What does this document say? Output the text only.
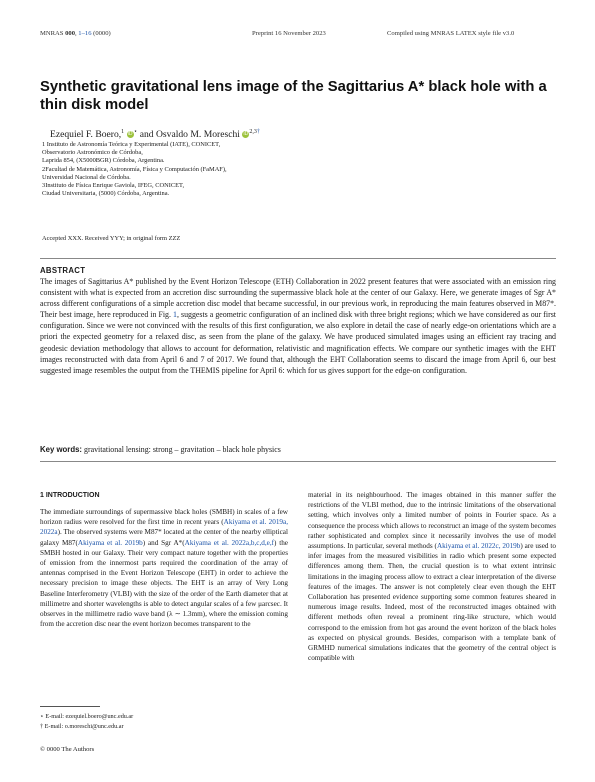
MNRAS 000, 1–16 (0000)	Preprint 16 November 2023	Compiled using MNRAS LATEX style file v3.0
Synthetic gravitational lens image of the Sagittarius A* black hole with a thin disk model
Ezequiel F. Boero,$^1$ iD⋆ and Osvaldo M. Moreschi $iD^{2,3\dagger}$
1 Instituto de Astronomía Teórica y Experimental (IATE), CONICET,
Observatorio Astronómico de Córdoba,
Laprida 854, (X5000BGR) Córdoba, Argentina.
2Facultad de Matemática, Astronomía, Física y Computación (FaMAF),
Universidad Nacional de Córdoba.
3Instituto de Física Enrique Gaviola, IFEG, CONICET,
Ciudad Universitaria, (5000) Córdoba, Argentina.
Accepted XXX. Received YYY; in original form ZZZ
ABSTRACT
The images of Sagittarius A* published by the Event Horizon Telescope (ETH) Collaboration in 2022 present features that were associated with an emission ring consistent with what is expected from an accretion disc surrounding the supermassive black hole at the center of our Galaxy. Here, we generate images of Sgr A* across different configurations of a simple accretion disc model that became successful, in our previous work, in reproducing the main features observed in M87*. Their best image, here reproduced in Fig. 1, suggests a geometric configuration of an inclined disk with three bright regions; which we have considered as our first configuration. Since we were not convinced with the results of this first configuration, we also explore in detail the case of nearly edge-on orientations which are a priori the expected geometry for a relaxed disc, as seen from the plane of the galaxy. We have produced simulated images using an efficient ray tracing and geodesic deviation methodology that allows to account for deformation, relativistic and magnification effects. We compare our synthetic images with the EHT images reconstructed with data from April 6 and 7 of 2017. We found that, although the EHT Collaboration seems to discard the image from April 6, our best suggested image resembles the output from the THEMIS pipeline for April 6: which for us gives support for the edge-on configuration.
Key words: gravitational lensing: strong – gravitation – black hole physics
1 INTRODUCTION

The immediate surroundings of supermassive black holes (SMBH) in scales of a few horizon radius were resolved for the first time in recent years (Akiyama et al. 2019a, 2022a). The observed systems were M87* located at the center of the nearby elliptical galaxy M87(Akiyama et al. 2019b) and Sgr A*(Akiyama et al. 2022a,b,c,d,e,f) the SMBH hosted in our Galaxy. Their very compact nature together with the properties of emission from the innermost parts required the coordination of the array of antennas comprised in the Event Horizon Telescope (EHT) in order to achieve the necessary precision to image these objects. The EHT is an array of Very Long Baseline Interferometry (VLBI) with the size of the order of the Earth diameter that at millimetre and shorter wavelengths is able to detect angular scales of a few μarcsec. It observes in the millimetre radio wave band (λ ∼ 1.3mm), where the emission coming from the accretion disc near the event horizon becomes transparent to the

material in its neighbourhood. The images obtained in this manner suffer the restrictions of the VLBI method, due to the intrinsic limitations of the observational setting, which involves only a limited number of points in Fourier space. As a consequence the process which allows to reconstruct an image of the system becomes rather sophisticated and complex since it necessarily involves the use of model assumptions. In particular, several methods (Akiyama et al. 2022c, 2019b) are used to infer images from the measured visibilities in radio which present some expected differences among them. Then, the crucial question is to what extent intrinsic limitations in the imaging process allow to extract a clear interpretation of the diverse features of the images. The answer is not completely clear even though the EHT Collaboration has presented evidence supporting some common features sheared in numerous image results. Indeed, most of the reconstructed images obtained with different methods often reveal a prominent ring-like structure, which would correspond to the emission from hot gas around the event horizon of the black holes as expected on physical grounds. Besides, comparison with a template bank of GRMHD numerical simulations indicates that the geometry of the central object is compatible with

⋆ E-mail: ezequiel.boero@unc.edu.ar
† E-mail: o.moreschi@unc.edu.ar
© 0000 The Authors
